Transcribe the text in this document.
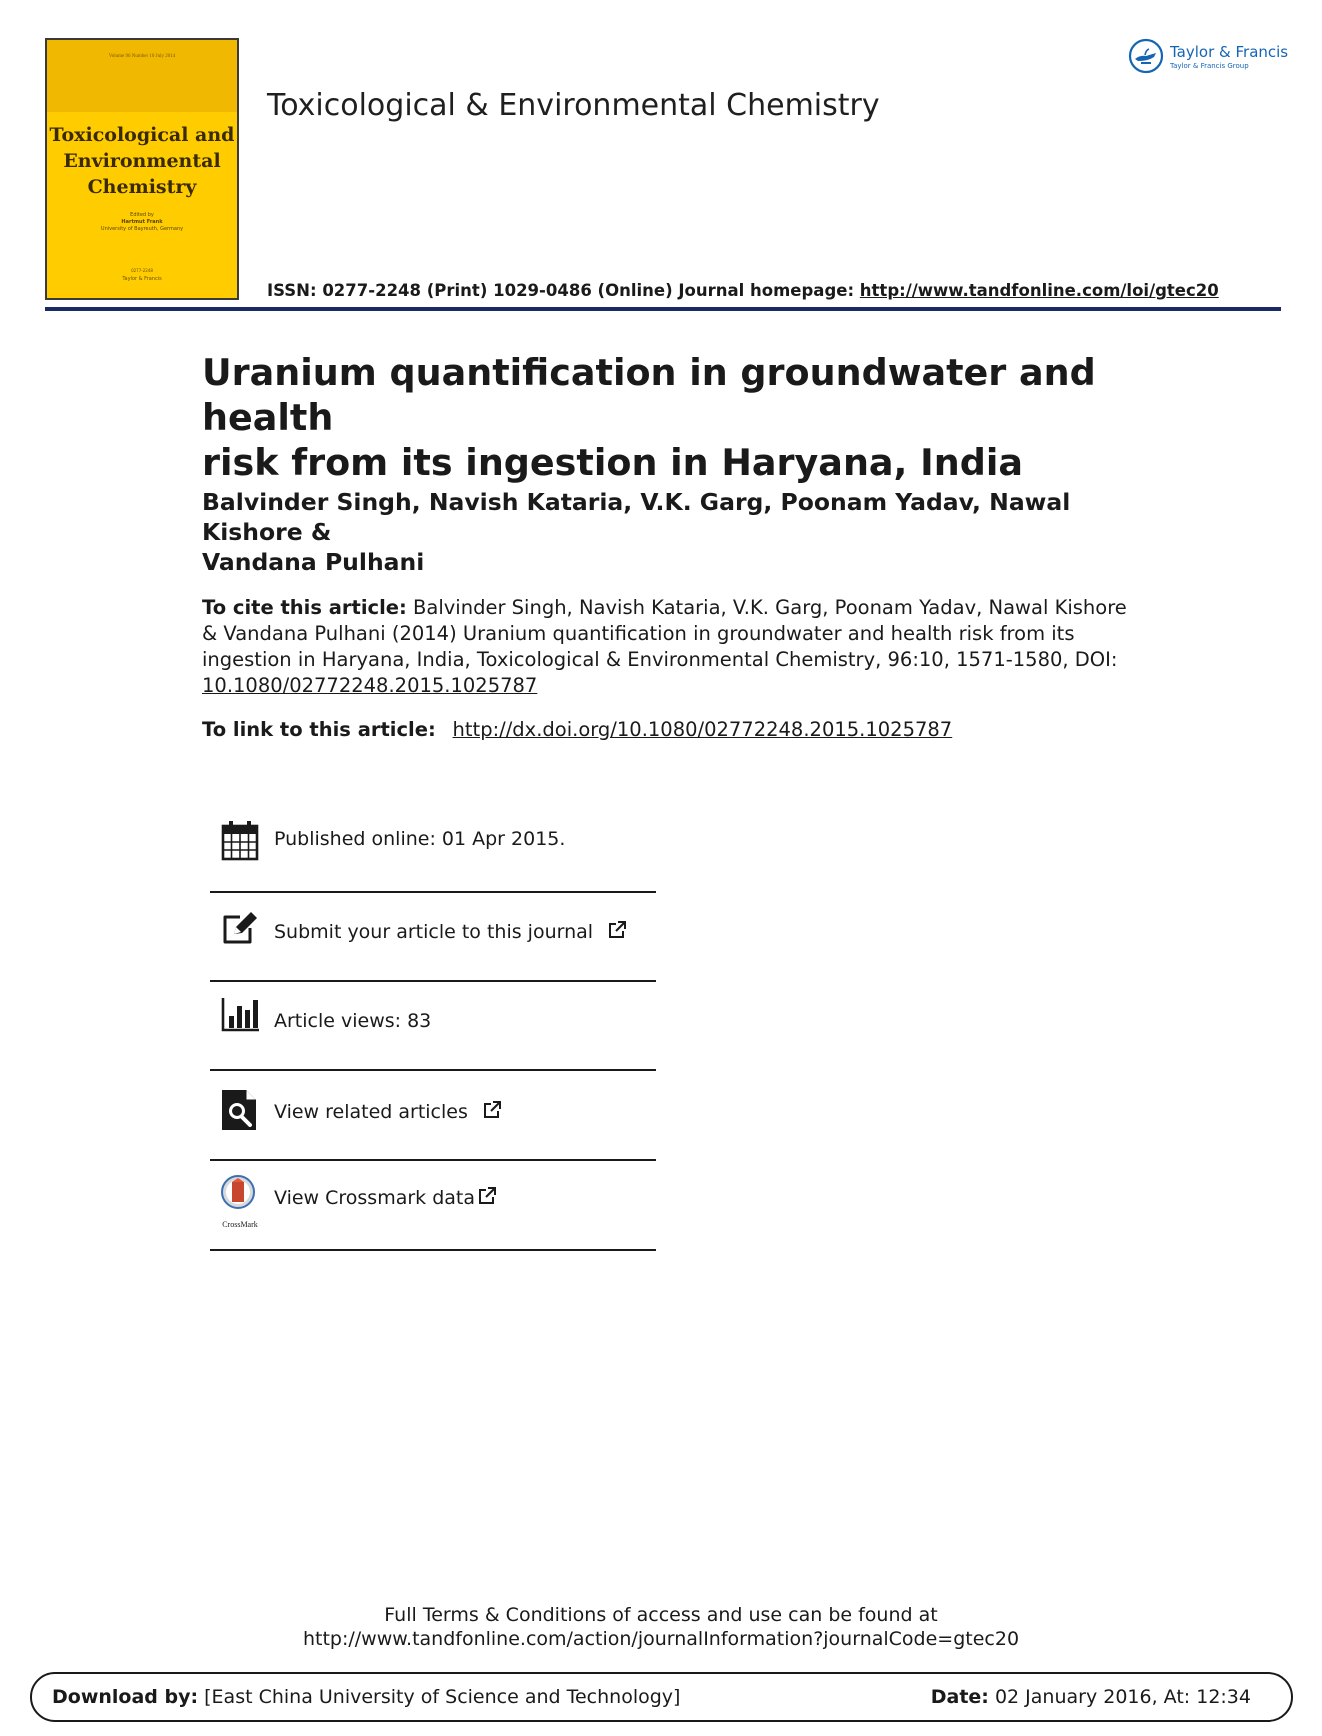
Volume 96 Number 10 July 2014
Toxicological and
Environmental
Chemistry
Edited by
Hartmut Frank
University of Bayreuth, Germany
0277-2248
Taylor & Francis
Toxicological & Environmental Chemistry
Taylor & Francis
Taylor & Francis Group
ISSN: 0277-2248 (Print) 1029-0486 (Online) Journal homepage: http://www.tandfonline.com/loi/gtec20
Uranium quantification in groundwater and health
risk from its ingestion in Haryana, India
Balvinder Singh, Navish Kataria, V.K. Garg, Poonam Yadav, Nawal Kishore &
Vandana Pulhani
To cite this article: Balvinder Singh, Navish Kataria, V.K. Garg, Poonam Yadav, Nawal Kishore & Vandana Pulhani (2014) Uranium quantification in groundwater and health risk from its ingestion in Haryana, India, Toxicological & Environmental Chemistry, 96:10, 1571-1580, DOI: 10.1080/02772248.2015.1025787
To link to this article: http://dx.doi.org/10.1080/02772248.2015.1025787
Published online: 01 Apr 2015.
Submit your article to this journal
Article views: 83
View related articles
CrossMark
View Crossmark data
Full Terms & Conditions of access and use can be found at
http://www.tandfonline.com/action/journalInformation?journalCode=gtec20
Download by: [East China University of Science and Technology]	Date: 02 January 2016, At: 12:34
